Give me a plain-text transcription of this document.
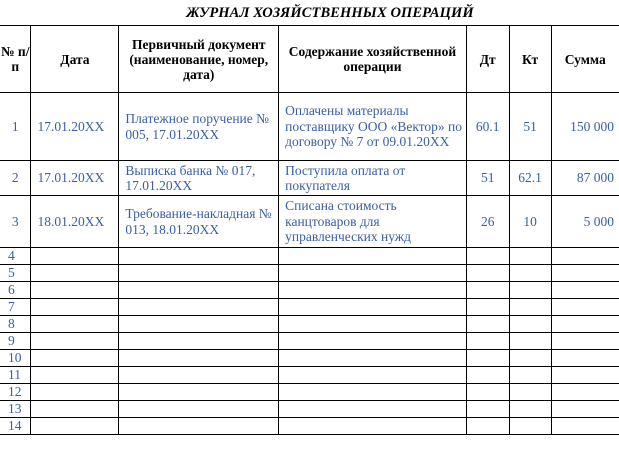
ЖУРНАЛ ХОЗЯЙСТВЕННЫХ ОПЕРАЦИЙ
№ п/п	Дата	Первичный документ (наименование, номер, дата)	Содержание хозяйственной операции	Дт	Кт	Сумма
1	17.01.20ХХ	Платежное поручение № 005, 17.01.20ХХ	Оплачены материалы поставщику ООО «Вектор» по договору № 7 от 09.01.20ХХ	60.1	51	150 000
2	17.01.20ХХ	Выписка банка № 017, 17.01.20ХХ	Поступила оплата от покупателя	51	62.1	87 000
3	18.01.20ХХ	Требование-накладная № 013, 18.01.20ХХ	Списана стоимость канцтоваров для управленческих нужд	26	10	5 000
4						
5						
6						
7						
8						
9						
10						
11						
12						
13						
14						
